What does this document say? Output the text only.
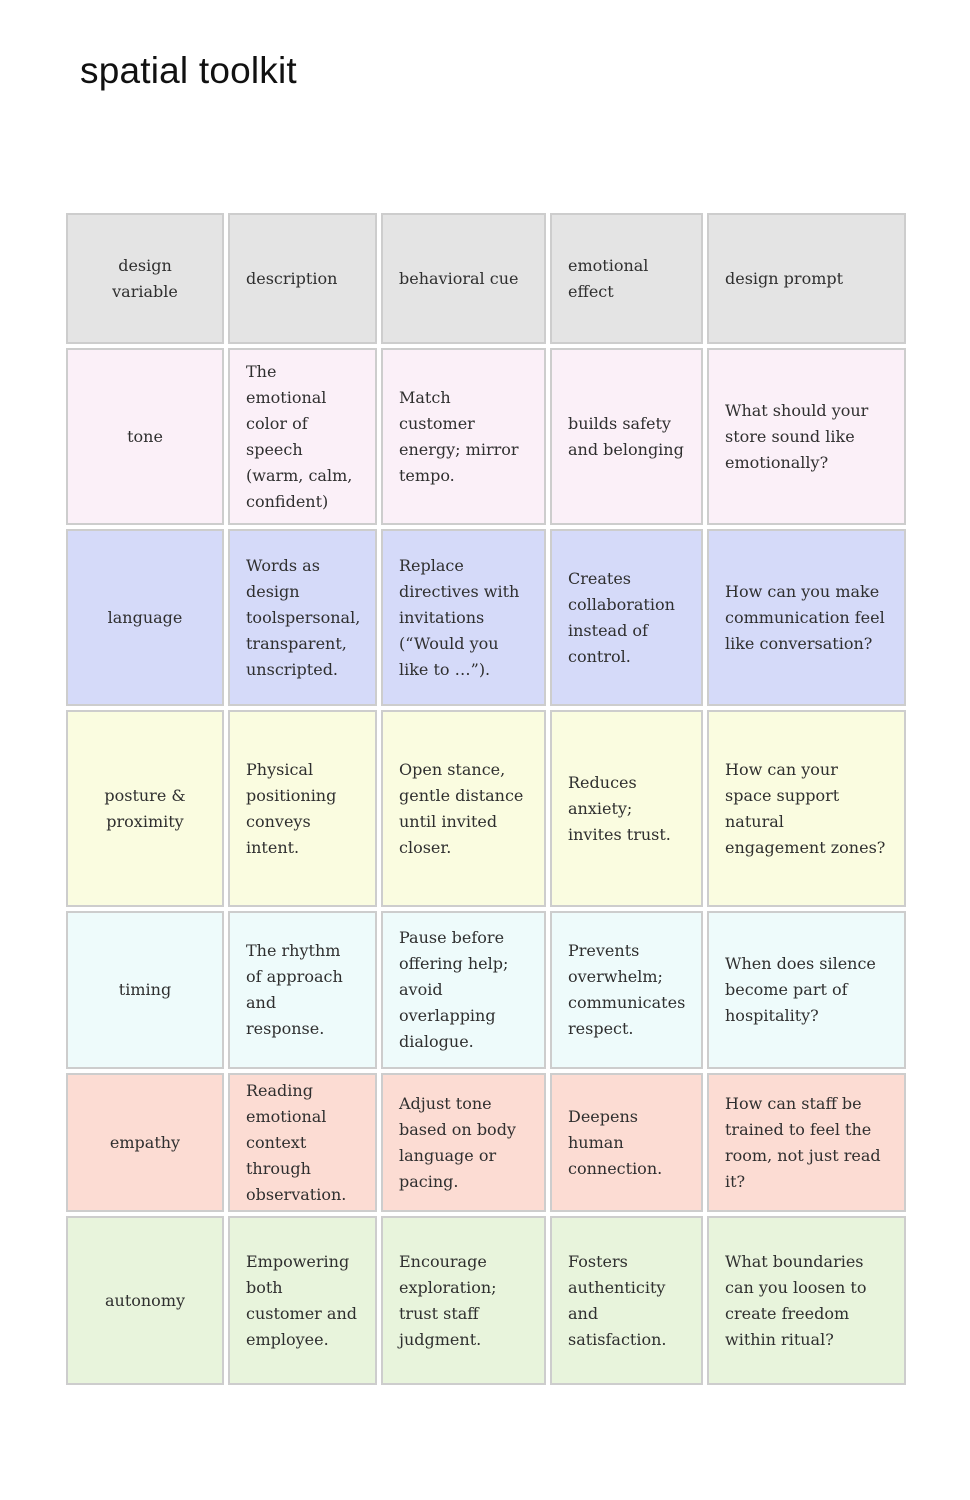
spatial toolkit
design variable
description	behavioral cue
emotional effect
design prompt
tone
The emotional color of speech (warm, calm, confident)
Match customer energy; mirror tempo.
builds safety and belonging
What should your store sound like emotionally?
language
Words as design toolspersonal, transparent, unscripted.
Replace directives with invitations (“Would you like to …”).
Creates collaboration instead of control.
How can you make communication feel like conversation?
posture & proximity
Physical positioning conveys intent.
Open stance, gentle distance until invited closer.
Reduces anxiety; invites trust.
How can your space support natural engagement zones?
timing
The rhythm of approach and response.
Pause before offering help; avoid overlapping dialogue.
Prevents overwhelm; communicates respect.
When does silence become part of hospitality?
empathy
Reading emotional context through observation.
Adjust tone based on body language or pacing.
Deepens human connection.
How can staff be trained to feel the room, not just read it?
autonomy
Empowering both customer and employee.
Encourage exploration; trust staff judgment.
Fosters authenticity and satisfaction.
What boundaries can you loosen to create freedom within ritual?
